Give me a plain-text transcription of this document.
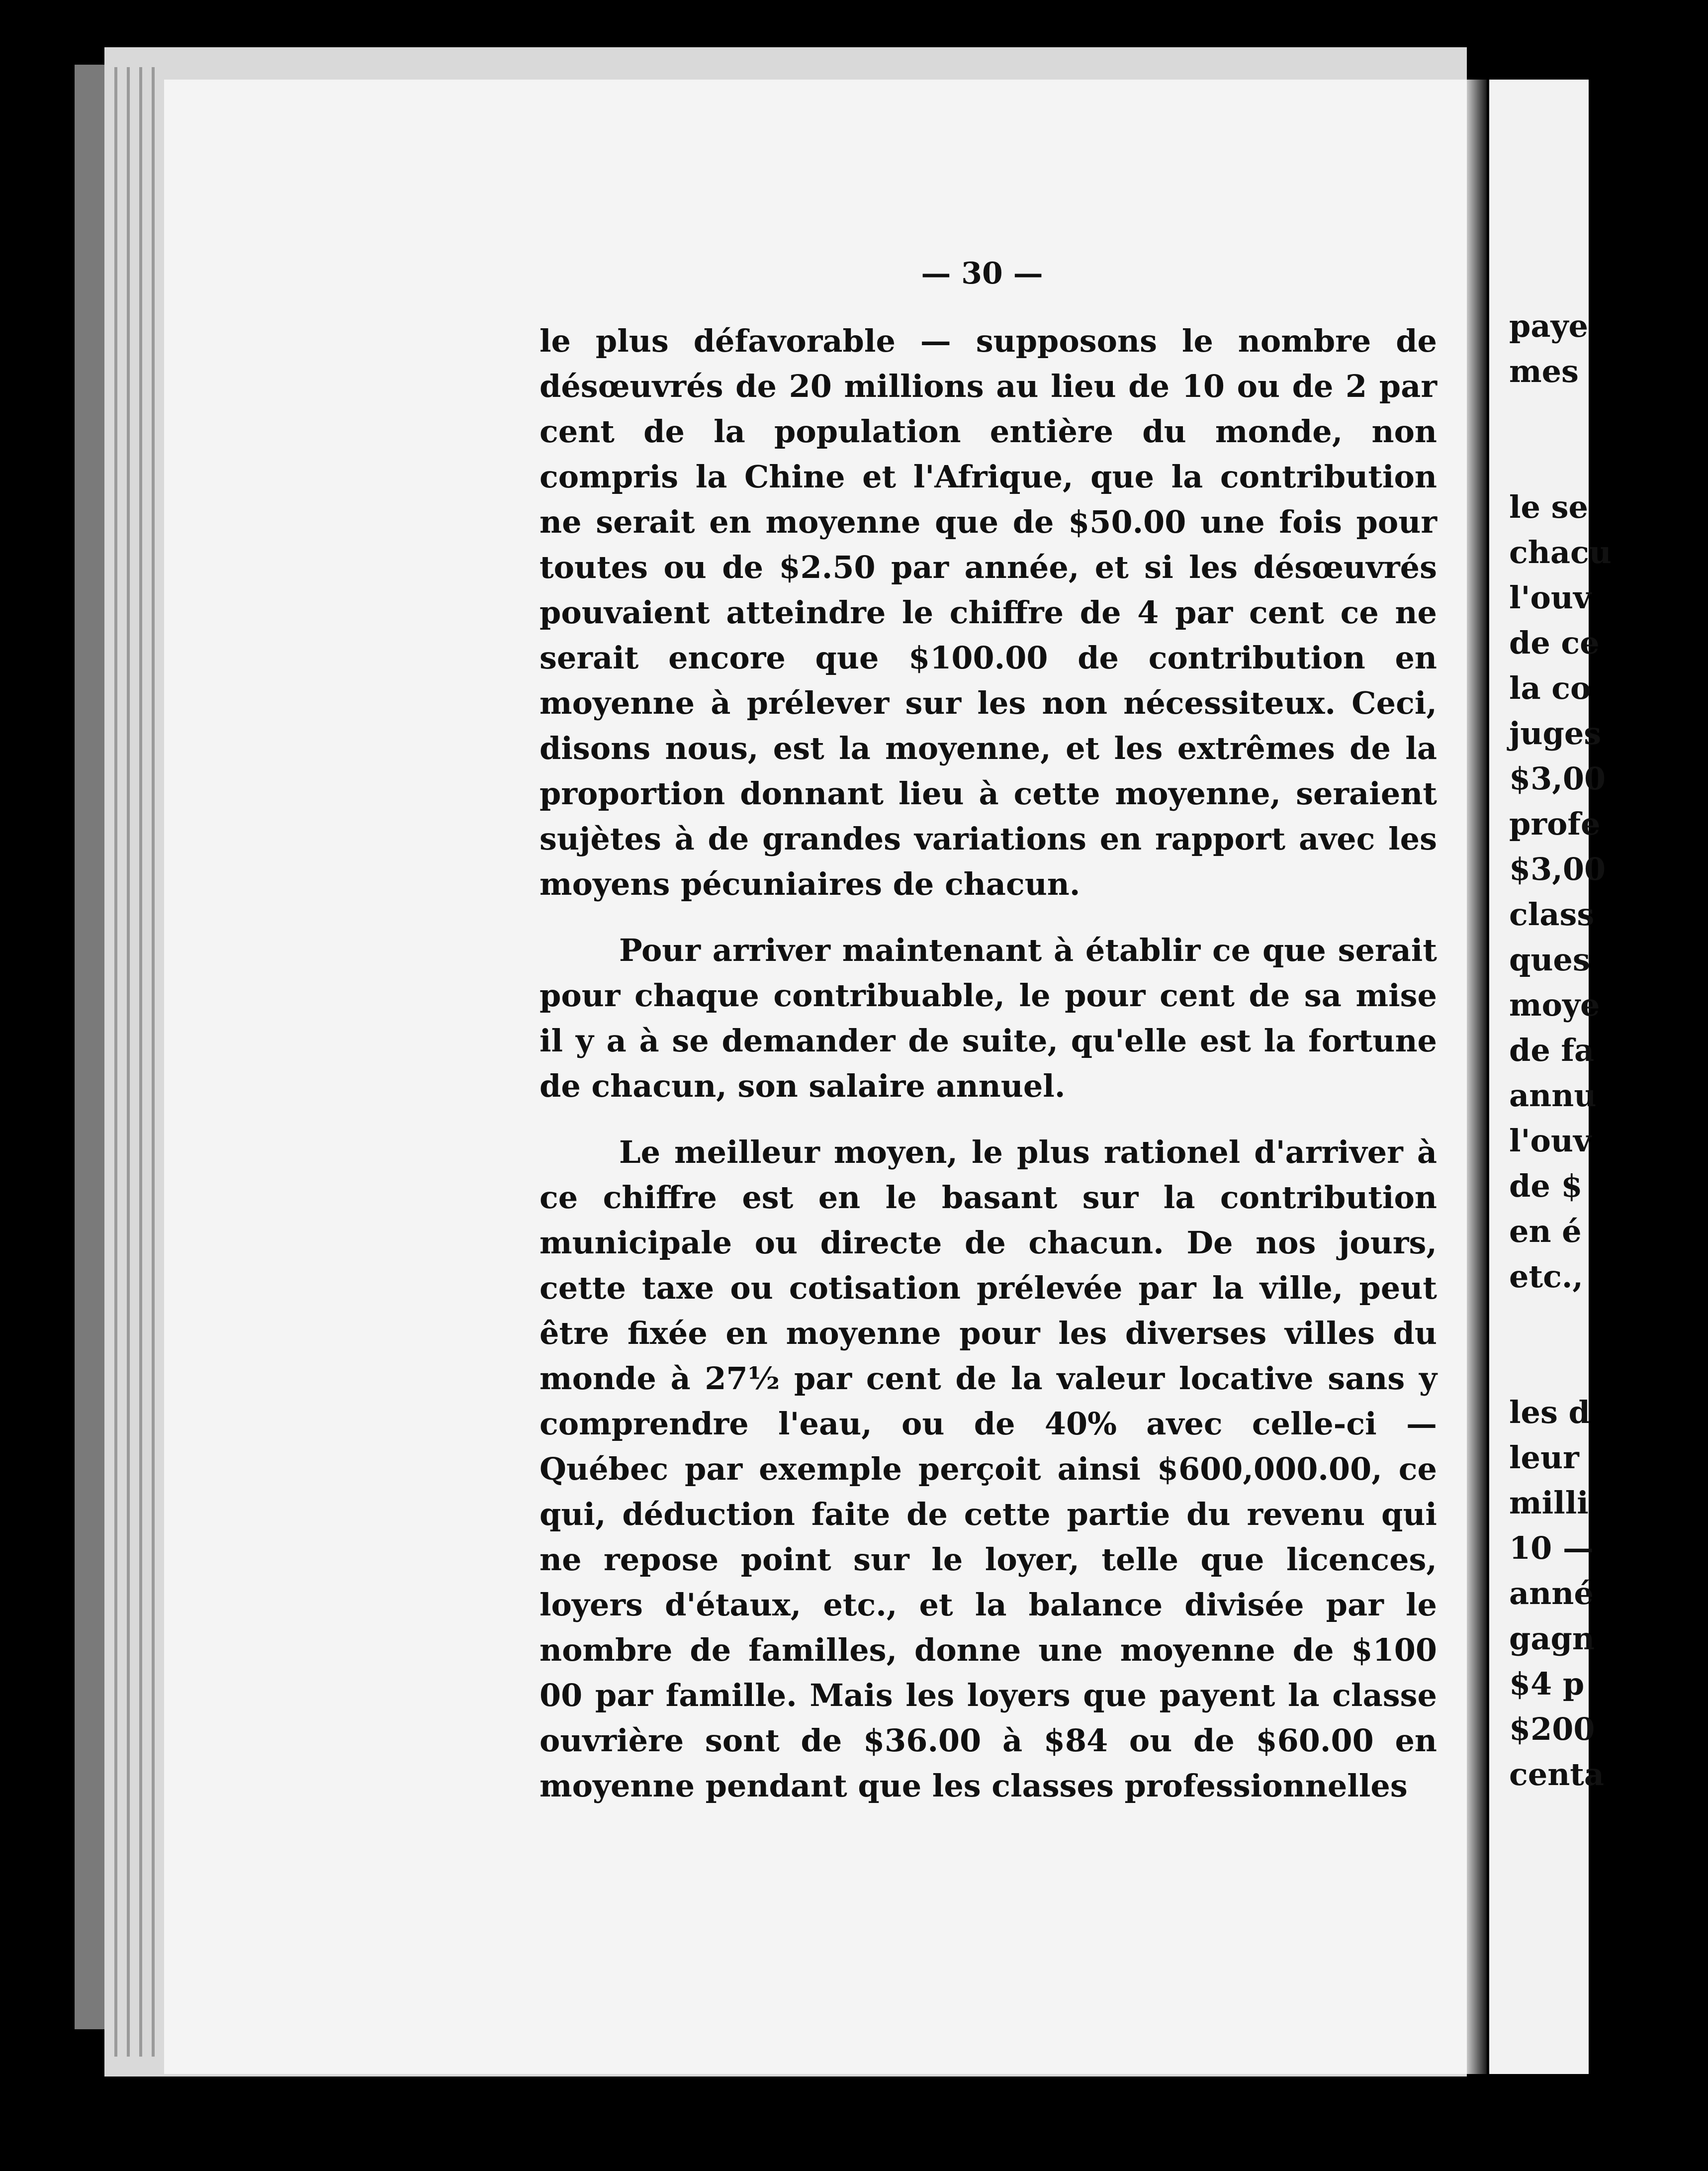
— 30 —

le plus défavorable — supposons le nombre de désœuvrés de 20 millions au lieu de 10 ou de 2 par cent de la population entière du monde, non compris la Chine et l'Afrique, que la contribution ne serait en moyenne que de $50.00 une fois pour toutes ou de $2.50 par année, et si les désœuvrés pouvaient atteindre le chiffre de 4 par cent ce ne serait encore que $100.00 de contribution en moyenne à prélever sur les non nécessiteux. Ceci, disons nous, est la moyenne, et les extrêmes de la proportion donnant lieu à cette moyenne, seraient sujètes à de grandes variations en rapport avec les moyens pécuniaires de chacun.

Pour arriver maintenant à établir ce que serait pour chaque contribuable, le pour cent de sa mise il y a à se demander de suite, qu'elle est la fortune de chacun, son salaire annuel.

Le meilleur moyen, le plus rationel d'arriver à ce chiffre est en le basant sur la contribution municipale ou directe de chacun. De nos jours, cette taxe ou cotisation prélevée par la ville, peut être fixée en moyenne pour les diverses villes du monde à 27½ par cent de la valeur locative sans y comprendre l'eau, ou de 40% avec celle-ci — Québec par exemple perçoit ainsi $600,000.00, ce qui, déduction faite de cette partie du revenu qui ne repose point sur le loyer, telle que licences, loyers d'étaux, etc., et la balance divisée par le nombre de familles, donne une moyenne de $100 00 par famille. Mais les loyers que payent la classe ouvrière sont de $36.00 à $84 ou de $60.00 en moyenne pendant que les classes professionnelles

paye
mes
le se
chacu
l'ouv
de ce
la co
juges
$3,00
profe
$3,00
class
ques
moye
de fa
annu
l'ouv
de $
en é
etc.,
les d
leur
milli
10 —
anné
gagn
$4 p
$200
centa
